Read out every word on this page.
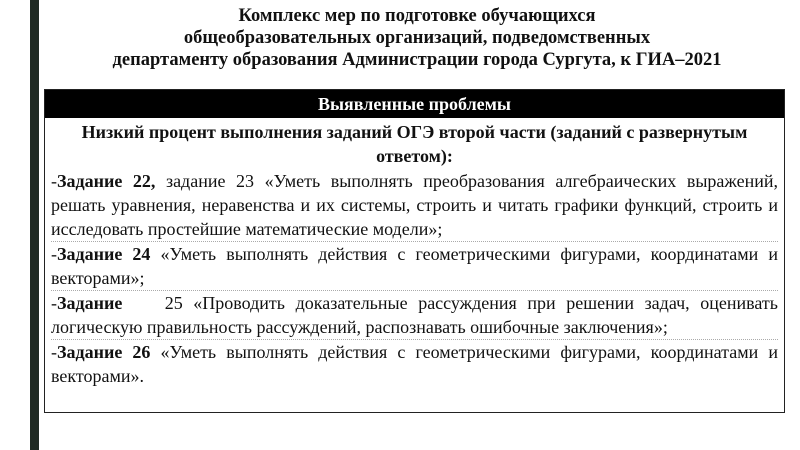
Комплекс мер по подготовке обучающихся
общеобразовательных организаций, подведомственных
департаменту образования Администрации города Сургута, к ГИА–2021
Выявленные проблемы
Низкий процент выполнения заданий ОГЭ второй части (заданий с развернутым ответом):
-Задание 22, задание 23 «Уметь выполнять преобразования алгебраических выражений, решать уравнения, неравенства и их системы, строить и читать графики функций, строить и исследовать простейшие математические модели»;
-Задание 24 «Уметь выполнять действия с геометрическими фигурами, координатами и векторами»;
-Задание    25 «Проводить доказательные рассуждения при решении задач, оценивать логическую правильность рассуждений, распознавать ошибочные заключения»;
-Задание 26 «Уметь выполнять действия с геометрическими фигурами, координатами и векторами».
